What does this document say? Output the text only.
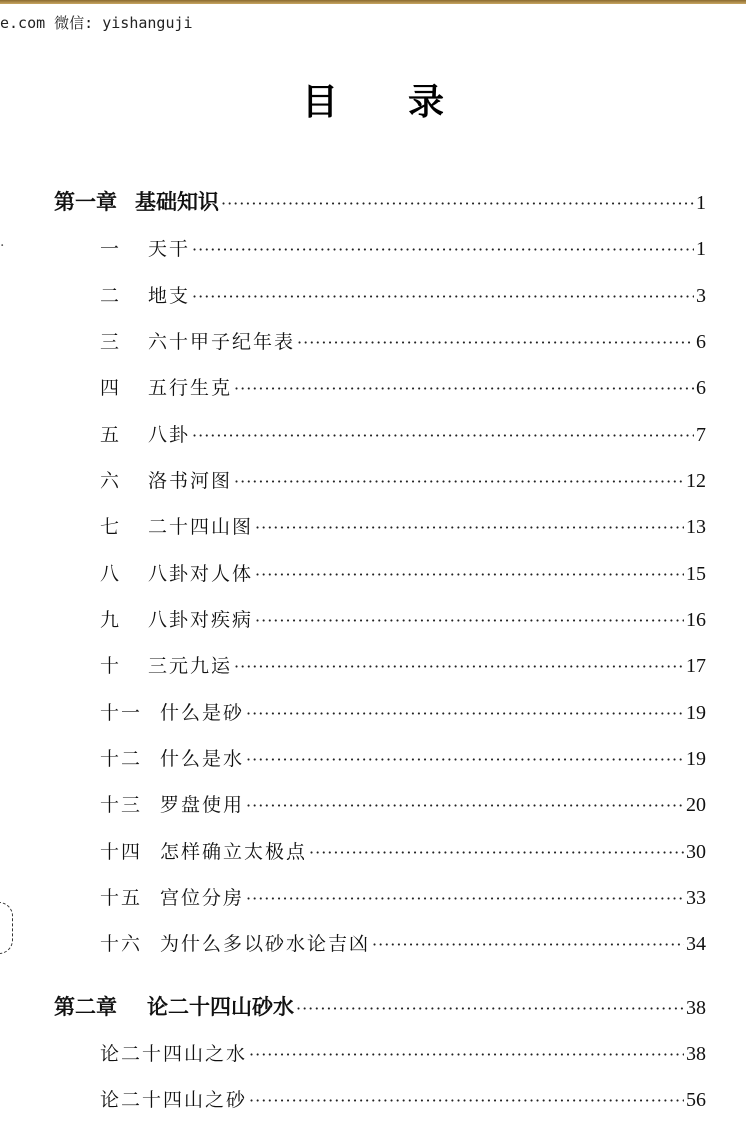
e.com 微信: yishanguji
目录
·
第一章 基础知识 ·····	1
一	天干 ·····	1
二	地支 ·····	3
三	六十甲子纪年表 ·····	6
四	五行生克 ·····	6
五	八卦 ·····	7
六	洛书河图 ·····	12
七	二十四山图 ·····	13
八	八卦对人体 ·····	15
九	八卦对疾病 ·····	16
十	三元九运 ·····	17
十一 什么是砂 ·····	19
十二 什么是水 ·····	19
十三 罗盘使用 ·····	20
十四 怎样确立太极点 ·····	30
十五 宫位分房 ·····	33
十六 为什么多以砂水论吉凶 ·····	34
第二章 论二十四山砂水 ·····	38
论二十四山之水 ·····	38
论二十四山之砂 ·····	56
